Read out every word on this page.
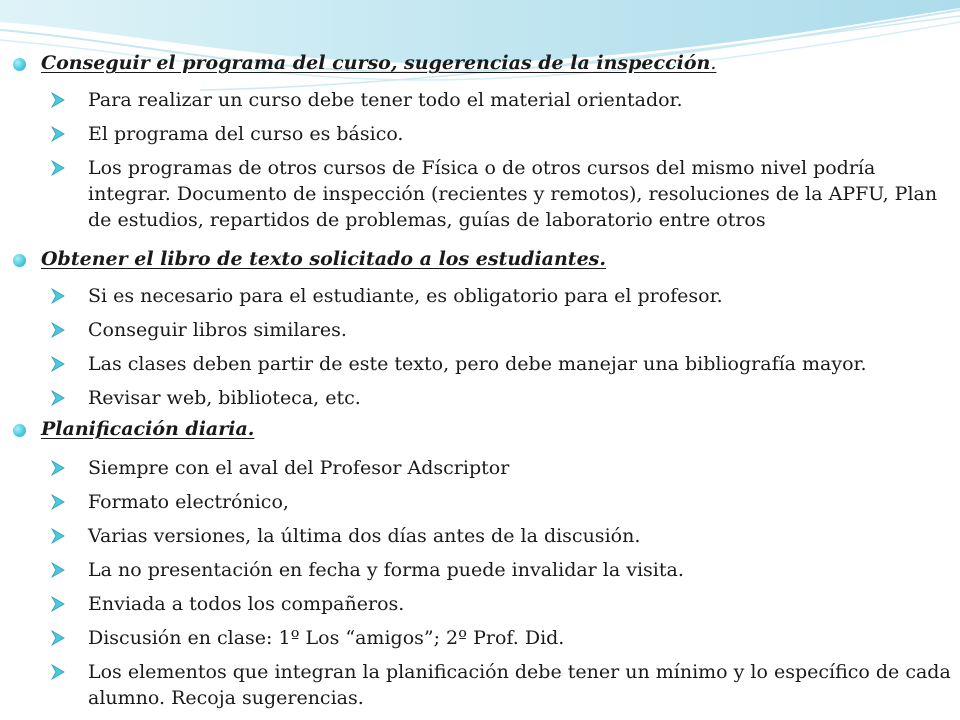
Conseguir el programa del curso, sugerencias de la inspección.
Para realizar un curso debe tener todo el material orientador.
El programa del curso es básico.
Los programas de otros cursos de Física o de otros cursos del mismo nivel podría integrar. Documento de inspección (recientes y remotos), resoluciones de la APFU, Plan de estudios, repartidos de problemas, guías de laboratorio entre otros
Obtener el libro de texto solicitado a los estudiantes.
Si es necesario para el estudiante, es obligatorio para el profesor.
Conseguir libros similares.
Las clases deben partir de este texto, pero debe manejar una bibliografía mayor.
Revisar web, biblioteca, etc.
Planificación diaria.
Siempre con el aval del Profesor Adscriptor
Formato electrónico,
Varias versiones, la última dos días antes de la discusión.
La no presentación en fecha y forma puede invalidar la visita.
Enviada a todos los compañeros.
Discusión en clase: 1º Los “amigos”; 2º Prof. Did.
Los elementos que integran la planificación debe tener un mínimo y lo específico de cada alumno. Recoja sugerencias.
